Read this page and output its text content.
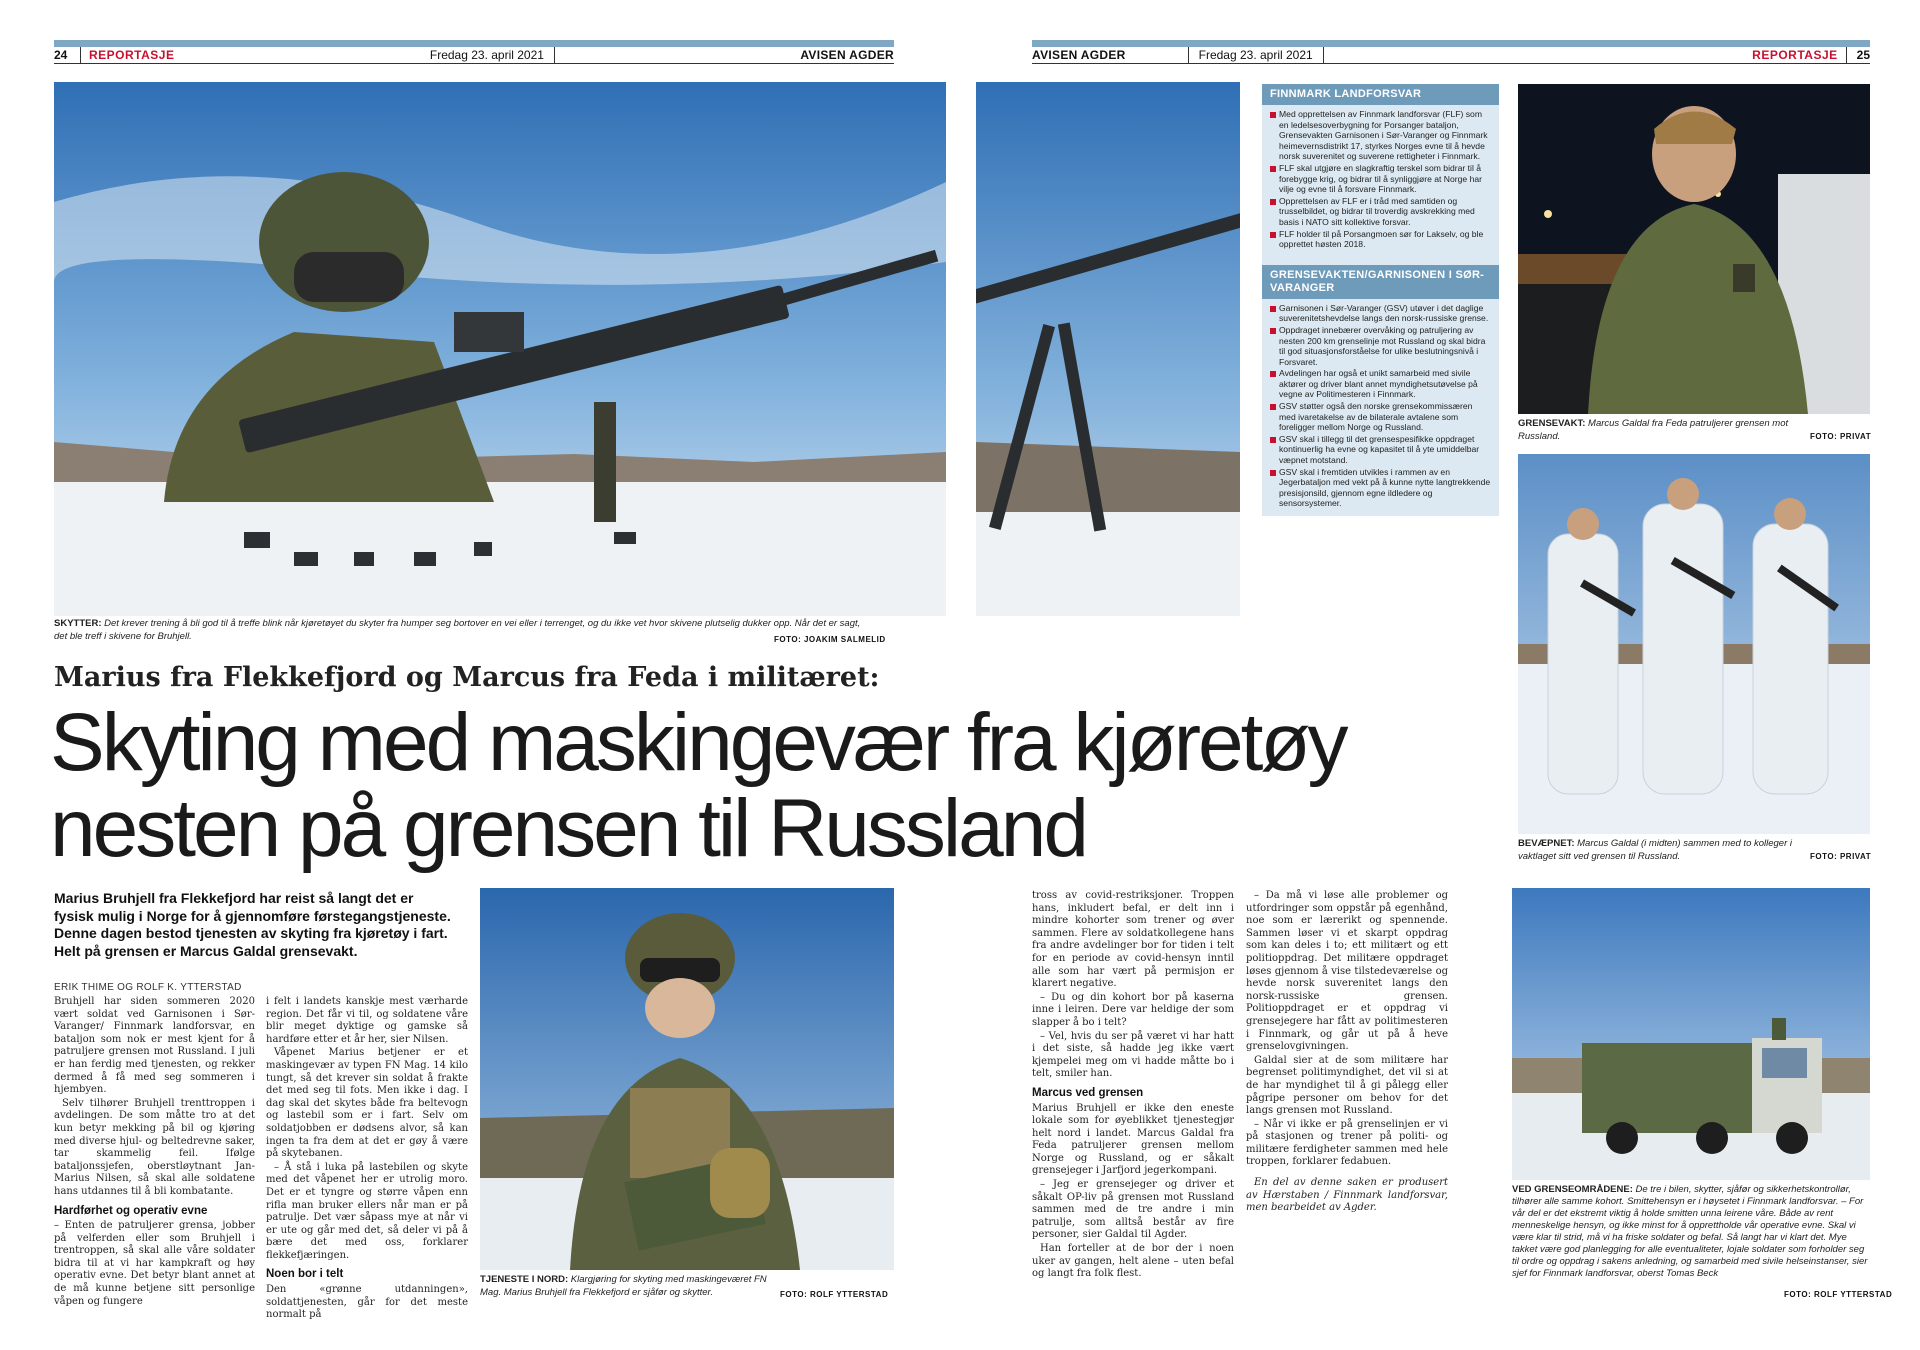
24	REPORTASJE	Fredag 23. april 2021	AVISEN AGDER	AVISEN AGDER	Fredag 23. april 2021	REPORTASJE 25
SKYTTER: Det krever trening å bli god til å treffe blink når kjøretøyet du skyter fra humper seg bortover en vei eller i terrenget, og du ikke vet hvor skivene plutselig dukker opp. Når det er sagt, det ble treff i skivene for Bruhjell.	FOTO: JOAKIM SALMELID
Marius fra Flekkefjord og Marcus fra Feda i militæret:
Skyting med maskingevær fra kjøretøy
nesten på grensen til Russland
Marius Bruhjell fra Flekkefjord har reist så langt det er fysisk mulig i Norge for å gjennomføre førstegangstjeneste. Denne dagen bestod tjenesten av skyting fra kjøretøy i fart. Helt på grensen er Marcus Galdal grensevakt.
ERIK THIME OG ROLF K. YTTERSTAD

Bruhjell har siden sommeren 2020 vært soldat ved Garnisonen i Sør-Varanger/ Finnmark landforsvar, en bataljon som nok er mest kjent for å patruljere grensen mot Russland. I juli er han ferdig med tjenesten, og rekker dermed å få med seg sommeren i hjembyen.

Selv tilhører Bruhjell trenttroppen i avdelingen. De som måtte tro at det kun betyr mekking på bil og kjøring med diverse hjul- og beltedrevne saker, tar skammelig feil. Ifølge bataljonssjefen, oberstløytnant Jan-Marius Nilsen, så skal alle soldatene hans utdannes til å bli kombatante.

Hardførhet og operativ evne

– Enten de patruljerer grensa, jobber på velferden eller som Bruhjell i trentroppen, så skal alle våre soldater bidra til at vi har kampkraft og høy operativ evne. Det betyr blant annet at de må kunne betjene sitt personlige våpen og fungere

i felt i landets kanskje mest værharde region. Det får vi til, og soldatene våre blir meget dyktige og gamske så hardføre etter et år her, sier Nilsen.

Våpenet Marius betjener er et maskingevær av typen FN Mag. 14 kilo tungt, så det krever sin soldat å frakte det med seg til fots. Men ikke i dag. I dag skal det skytes både fra beltevogn og lastebil som er i fart. Selv om soldatjobben er dødsens alvor, så kan ingen ta fra dem at det er gøy å være på skytebanen.

– Å stå i luka på lastebilen og skyte med det våpenet her er utrolig moro. Det er et tyngre og større våpen enn rifla man bruker ellers når man er på patrulje. Det vær såpass mye at når vi er ute og går med det, så deler vi på å bære det med oss, forklarer flekkefjæringen.

Noen bor i telt

Den «grønne utdanningen», soldattjenesten, går for det meste normalt på

TJENESTE I NORD: Klargjøring for skyting med maskingeværet FN Mag. Marius Bruhjell fra Flekkefjord er sjåfør og skytter.	FOTO: ROLF YTTERSTAD

tross av covid-restriksjoner. Troppen hans, inkludert befal, er delt inn i mindre kohorter som trener og øver sammen. Flere av soldatkollegene hans fra andre avdelinger bor for tiden i telt for en periode av covid-hensyn inntil alle som har vært på permisjon er klarert negative.

– Du og din kohort bor på kaserna inne i leiren. Dere var heldige der som slapper å bo i telt?

– Vel, hvis du ser på været vi har hatt i det siste, så hadde jeg ikke vært kjempelei meg om vi hadde måtte bo i telt, smiler han.

Marcus ved grensen

Marius Bruhjell er ikke den eneste lokale som for øyeblikket tjenestegjør helt nord i landet. Marcus Galdal fra Feda patruljerer grensen mellom Norge og Russland, og er såkalt grensejeger i Jarfjord jegerkompani.

– Jeg er grensejeger og driver et såkalt OP-liv på grensen mot Russland sammen med de tre andre i min patrulje, som alltså består av fire personer, sier Galdal til Agder.

Han forteller at de bor der i noen uker av gangen, helt alene – uten befal og langt fra folk flest.

– Da må vi løse alle problemer og utfordringer som oppstår på egenhånd, noe som er lærerikt og spennende. Sammen løser vi et skarpt oppdrag som kan deles i to; ett militært og ett politioppdrag. Det militære oppdraget løses gjennom å vise tilstedeværelse og hevde norsk suverenitet langs den norsk-russiske grensen. Politioppdraget er et oppdrag vi grensejegere har fått av politimesteren i Finnmark, og går ut på å heve grenselovgivningen.

Galdal sier at de som militære har begrenset politimyndighet, det vil si at de har myndighet til å gi pålegg eller pågripe personer om behov for det langs grensen mot Russland.

– Når vi ikke er på grenselinjen er vi på stasjonen og trener på politi- og militære ferdigheter sammen med hele troppen, forklarer fedabuen.

En del av denne saken er produsert av Hærstaben / Finnmark landforsvar, men bearbeidet av Agder.

FINNMARK LANDFORSVAR
Med opprettelsen av Finnmark landforsvar (FLF) som en ledelsesoverbygning for Porsanger bataljon, Grensevakten Garnisonen i Sør-Varanger og Finnmark heimevernsdistrikt 17, styrkes Norges evne til å hevde norsk suverenitet og suverene rettigheter i Finnmark.
FLF skal utgjøre en slagkraftig terskel som bidrar til å forebygge krig, og bidrar til å synliggjøre at Norge har vilje og evne til å forsvare Finnmark.
Opprettelsen av FLF er i tråd med samtiden og trusselbildet, og bidrar til troverdig avskrekking med basis i NATO sitt kollektive forsvar.
FLF holder til på Porsangmoen sør for Lakselv, og ble opprettet høsten 2018.
GRENSEVAKTEN/GARNISONEN I SØR-VARANGER
Garnisonen i Sør-Varanger (GSV) utøver i det daglige suverenitetshevdelse langs den norsk-russiske grense.
Oppdraget innebærer overvåking og patruljering av nesten 200 km grenselinje mot Russland og skal bidra til god situasjonsforståelse for ulike beslutningsnivå i Forsvaret.
Avdelingen har også et unikt samarbeid med sivile aktører og driver blant annet myndighetsutøvelse på vegne av Politimesteren i Finnmark.
GSV støtter også den norske grensekommissæren med ivaretakelse av de bilaterale avtalene som foreligger mellom Norge og Russland.
GSV skal i tillegg til det grensespesifikke oppdraget kontinuerlig ha evne og kapasitet til å yte umiddelbar væpnet motstand.
GSV skal i fremtiden utvikles i rammen av en Jegerbataljon med vekt på å kunne nytte langtrekkende presisjonsild, gjennom egne ildledere og sensorsystemer.
GRENSEVAKT: Marcus Galdal fra Feda patruljerer grensen mot Russland.	FOTO: PRIVAT
BEVÆPNET: Marcus Galdal (i midten) sammen med to kolleger i vaktlaget sitt ved grensen til Russland.	FOTO: PRIVAT
VED GRENSEOMRÅDENE: De tre i bilen, skytter, sjåfør og sikkerhetskontrollør, tilhører alle samme kohort. Smittehensyn er i høysetet i Finnmark landforsvar. – For vår del er det ekstremt viktig å holde smitten unna leirene våre. Både av rent menneskelige hensyn, og ikke minst for å opprettholde vår operative evne. Skal vi være klar til strid, må vi ha friske soldater og befal. Så langt har vi klart det. Mye takket være god planlegging for alle eventualiteter, lojale soldater som forholder seg til ordre og oppdrag i sakens anledning, og samarbeid med sivile helseinstanser, sier sjef for Finnmark landforsvar, oberst Tomas Beck
FOTO: ROLF YTTERSTAD
